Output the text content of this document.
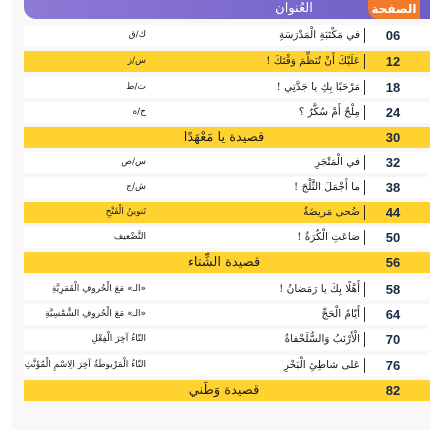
العُنوان	الصفحة
06
في مَكْتَبَةِ الْمَدْرَسَةِ
ك/ق
12
عَلَيْكَ أَنْ تُنَظِّمَ وَقْتَكَ !
س/ز
18
مَرْحَبًا بِكِ يا جَدَّتِي !
ت/ط
24
مِلْحٌ أَمْ سُكَّرٌ ؟
ح/ه
30
قصيدة يا مَعْهَدًا
32
في الْمَتْجَرِ
س/ص
38
ما أَجْمَلَ الثَّلْجَ !
ش/ج
44
ضُحى مَريضَةٌ
تَنوينُ الْفَتْحِ
50
ضاعَتِ الْكُرَةُ !
التَّضْعيف
56
قصيدة الشِّتاء
58
أَهْلًا بِكَ يا رَمَضانُ !
«الـ» مَعَ الْحُروفِ الْقَمَرِيَّةِ
64
أَيّامُ الْحَجِّ
«الـ» مَعَ الْحُروفِ الشَّمْسِيَّةِ
70
الْأَرْنَبُ وَالسُّلَحْفاةُ
التّاءُ آخِرَ الْفِعْلِ
76
عَلى شاطِئِ الْبَحْرِ
التّاءُ الْمَرْبوطَةُ آخِرَ الِاسْمِ الْمُؤَنَّثِ
82
قصيدة وَطَني
